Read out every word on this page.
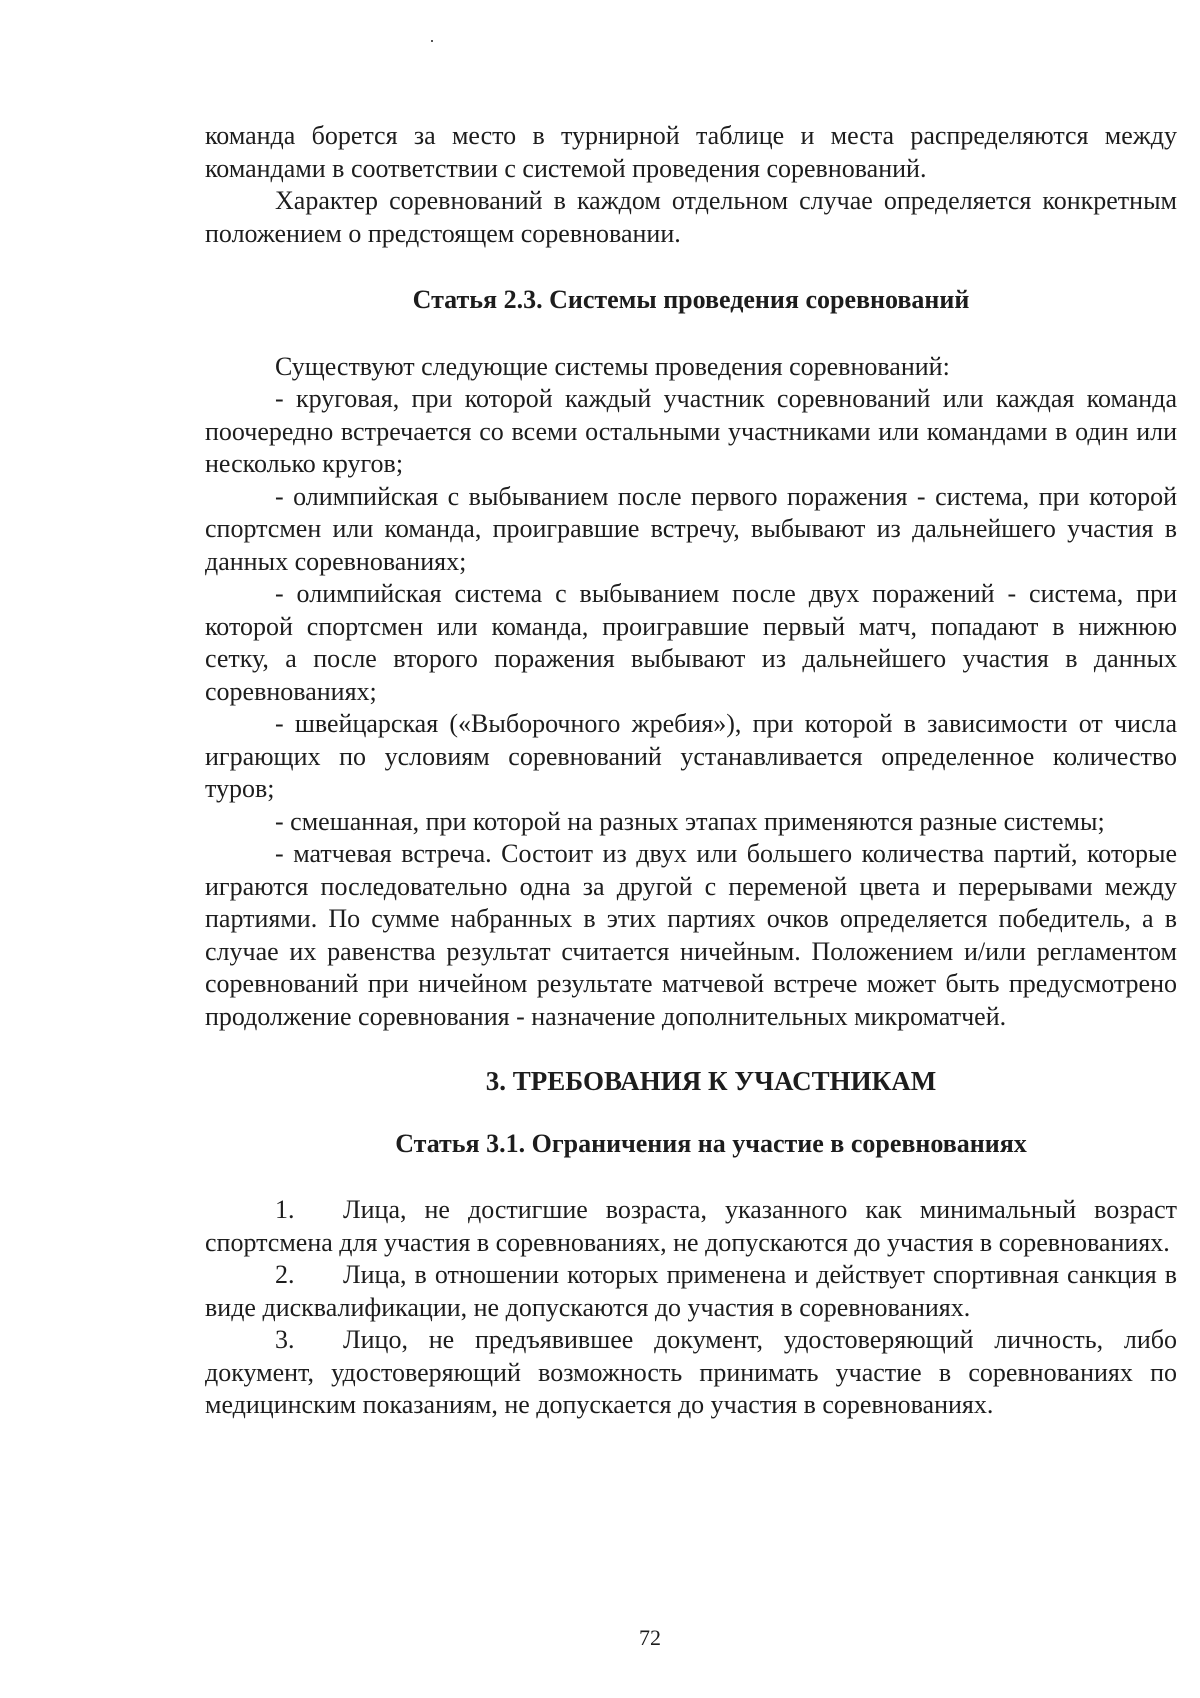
команда борется за место в турнирной таблице и места распределяются между командами в соответствии с системой проведения соревнований.

Характер соревнований в каждом отдельном случае определяется конкретным положением о предстоящем соревновании.

Статья 2.3. Системы проведения соревнований

Существуют следующие системы проведения соревнований:

- круговая, при которой каждый участник соревнований или каждая команда поочередно встречается со всеми остальными участниками или командами в один или несколько кругов;

- олимпийская с выбыванием после первого поражения - система, при которой спортсмен или команда, проигравшие встречу, выбывают из дальнейшего участия в данных соревнованиях;

- олимпийская система с выбыванием после двух поражений - система, при которой спортсмен или команда, проигравшие первый матч, попадают в нижнюю сетку, а после второго поражения выбывают из дальнейшего участия в данных соревнованиях;

- швейцарская («Выборочного жребия»), при которой в зависимости от числа играющих по условиям соревнований устанавливается определенное количество туров;

- смешанная, при которой на разных этапах применяются разные системы;

- матчевая встреча. Состоит из двух или большего количества партий, которые играются последовательно одна за другой с переменой цвета и перерывами между партиями. По сумме набранных в этих партиях очков определяется победитель, а в случае их равенства результат считается ничейным. Положением и/или регламентом соревнований при ничейном результате матчевой встрече может быть предусмотрено продолжение соревнования - назначение дополнительных микроматчей.

3. ТРЕБОВАНИЯ К УЧАСТНИКАМ
Статья 3.1. Ограничения на участие в соревнованиях

1. Лица, не достигшие возраста, указанного как минимальный возраст спортсмена для участия в соревнованиях, не допускаются до участия в соревнованиях.

2. Лица, в отношении которых применена и действует спортивная санкция в виде дисквалификации, не допускаются до участия в соревнованиях.

3. Лицо, не предъявившее документ, удостоверяющий личность, либо документ, удостоверяющий возможность принимать участие в соревнованиях по медицинским показаниям, не допускается до участия в соревнованиях.

72
